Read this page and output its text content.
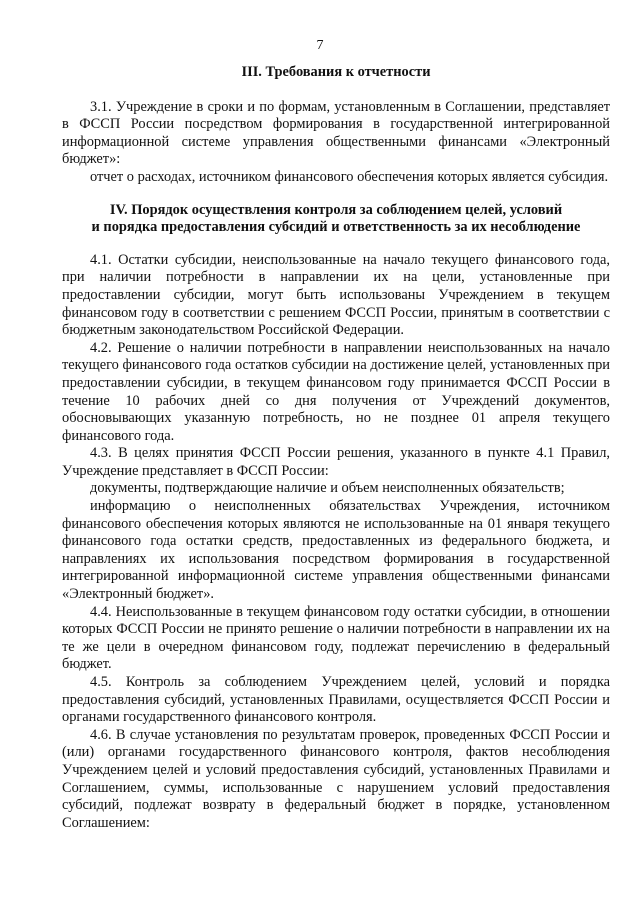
7

III. Требования к отчетности

3.1. Учреждение в сроки и по формам, установленным в Соглашении, представляет в ФССП России посредством формирования в государственной интегрированной информационной системе управления общественными финансами «Электронный бюджет»:

отчет о расходах, источником финансового обеспечения которых является субсидия.

IV. Порядок осуществления контроля за соблюдением целей, условий
и порядка предоставления субсидий и ответственность за их несоблюдение

4.1. Остатки субсидии, неиспользованные на начало текущего финансового года, при наличии потребности в направлении их на цели, установленные при предоставлении субсидии, могут быть использованы Учреждением в текущем финансовом году в соответствии с решением ФССП России, принятым в соответствии с бюджетным законодательством Российской Федерации.

4.2. Решение о наличии потребности в направлении неиспользованных на начало текущего финансового года остатков субсидии на достижение целей, установленных при предоставлении субсидии, в текущем финансовом году принимается ФССП России в течение 10 рабочих дней со дня получения от Учреждений документов, обосновывающих указанную потребность, но не позднее 01 апреля текущего финансового года.

4.3. В целях принятия ФССП России решения, указанного в пункте 4.1 Правил, Учреждение представляет в ФССП России:

документы, подтверждающие наличие и объем неисполненных обязательств;

информацию о неисполненных обязательствах Учреждения, источником финансового обеспечения которых являются не использованные на 01 января текущего финансового года остатки средств, предоставленных из федерального бюджета, и направлениях их использования посредством формирования в государственной интегрированной информационной системе управления общественными финансами «Электронный бюджет».

4.4. Неиспользованные в текущем финансовом году остатки субсидии, в отношении которых ФССП России не принято решение о наличии потребности в направлении их на те же цели в очередном финансовом году, подлежат перечислению в федеральный бюджет.

4.5. Контроль за соблюдением Учреждением целей, условий и порядка предоставления субсидий, установленных Правилами, осуществляется ФССП России и органами государственного финансового контроля.

4.6. В случае установления по результатам проверок, проведенных ФССП России и (или) органами государственного финансового контроля, фактов несоблюдения Учреждением целей и условий предоставления субсидий, установленных Правилами и Соглашением, суммы, использованные с нарушением условий предоставления субсидий, подлежат возврату в федеральный бюджет в порядке, установленном Соглашением:
